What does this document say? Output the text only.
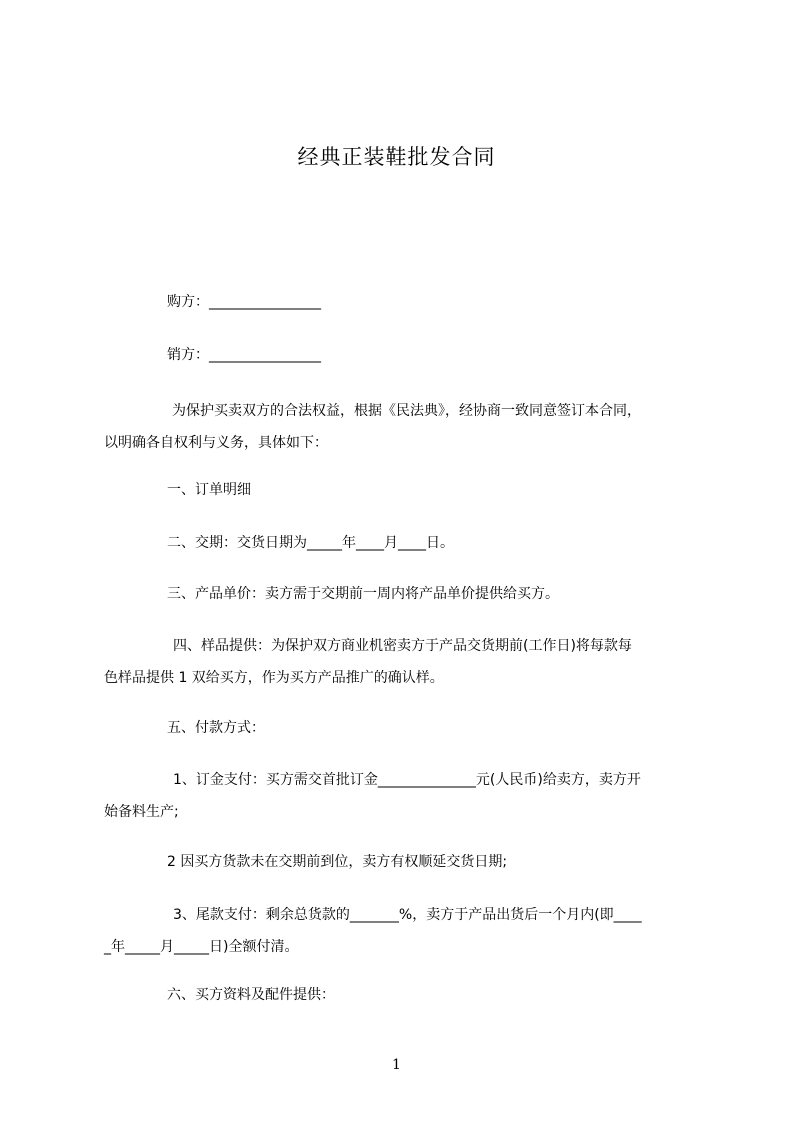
经典正装鞋批发合同
购方：________________
销方：________________
为保护买卖双方的合法权益，根据《民法典》，经协商一致同意签订本合同，
以明确各自权利与义务，具体如下：
一、订单明细
二、交期：交货日期为_____年____月____日。
三、产品单价：卖方需于交期前一周内将产品单价提供给买方。
四、样品提供：为保护双方商业机密卖方于产品交货期前(工作日)将每款每
色样品提供 1 双给买方，作为买方产品推广的确认样。
五、付款方式：
1、订金支付：买方需交首批订金______________元(人民币)给卖方，卖方开
始备料生产;
2 因买方货款未在交期前到位，卖方有权顺延交货日期;
3、尾款支付：剩余总货款的_______%，卖方于产品出货后一个月内(即____
_年_____月_____日)全额付清。
六、买方资料及配件提供：
1
